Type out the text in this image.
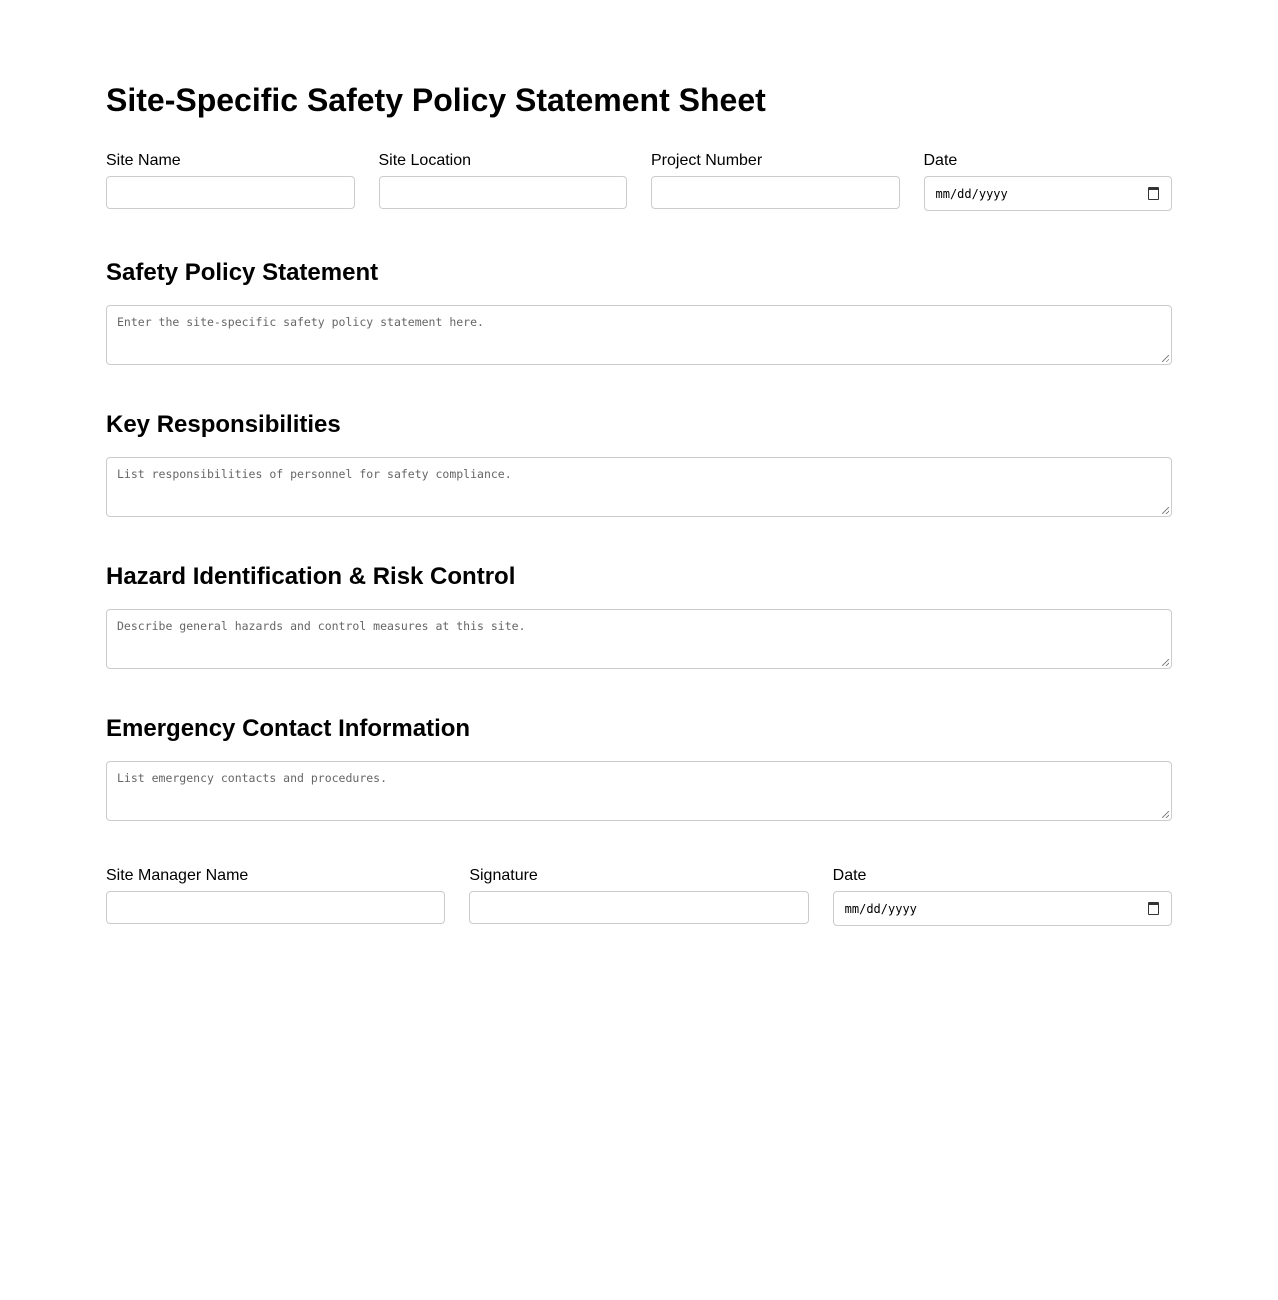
Site-Specific Safety Policy Statement Sheet
Site Name	Site Location	Project Number	Date
mm/dd/yyyy
Safety Policy Statement
Enter the site-specific safety policy statement here.
Key Responsibilities
List responsibilities of personnel for safety compliance.
Hazard Identification & Risk Control
Describe general hazards and control measures at this site.
Emergency Contact Information
List emergency contacts and procedures.
Site Manager Name	Signature	Date
mm/dd/yyyy
